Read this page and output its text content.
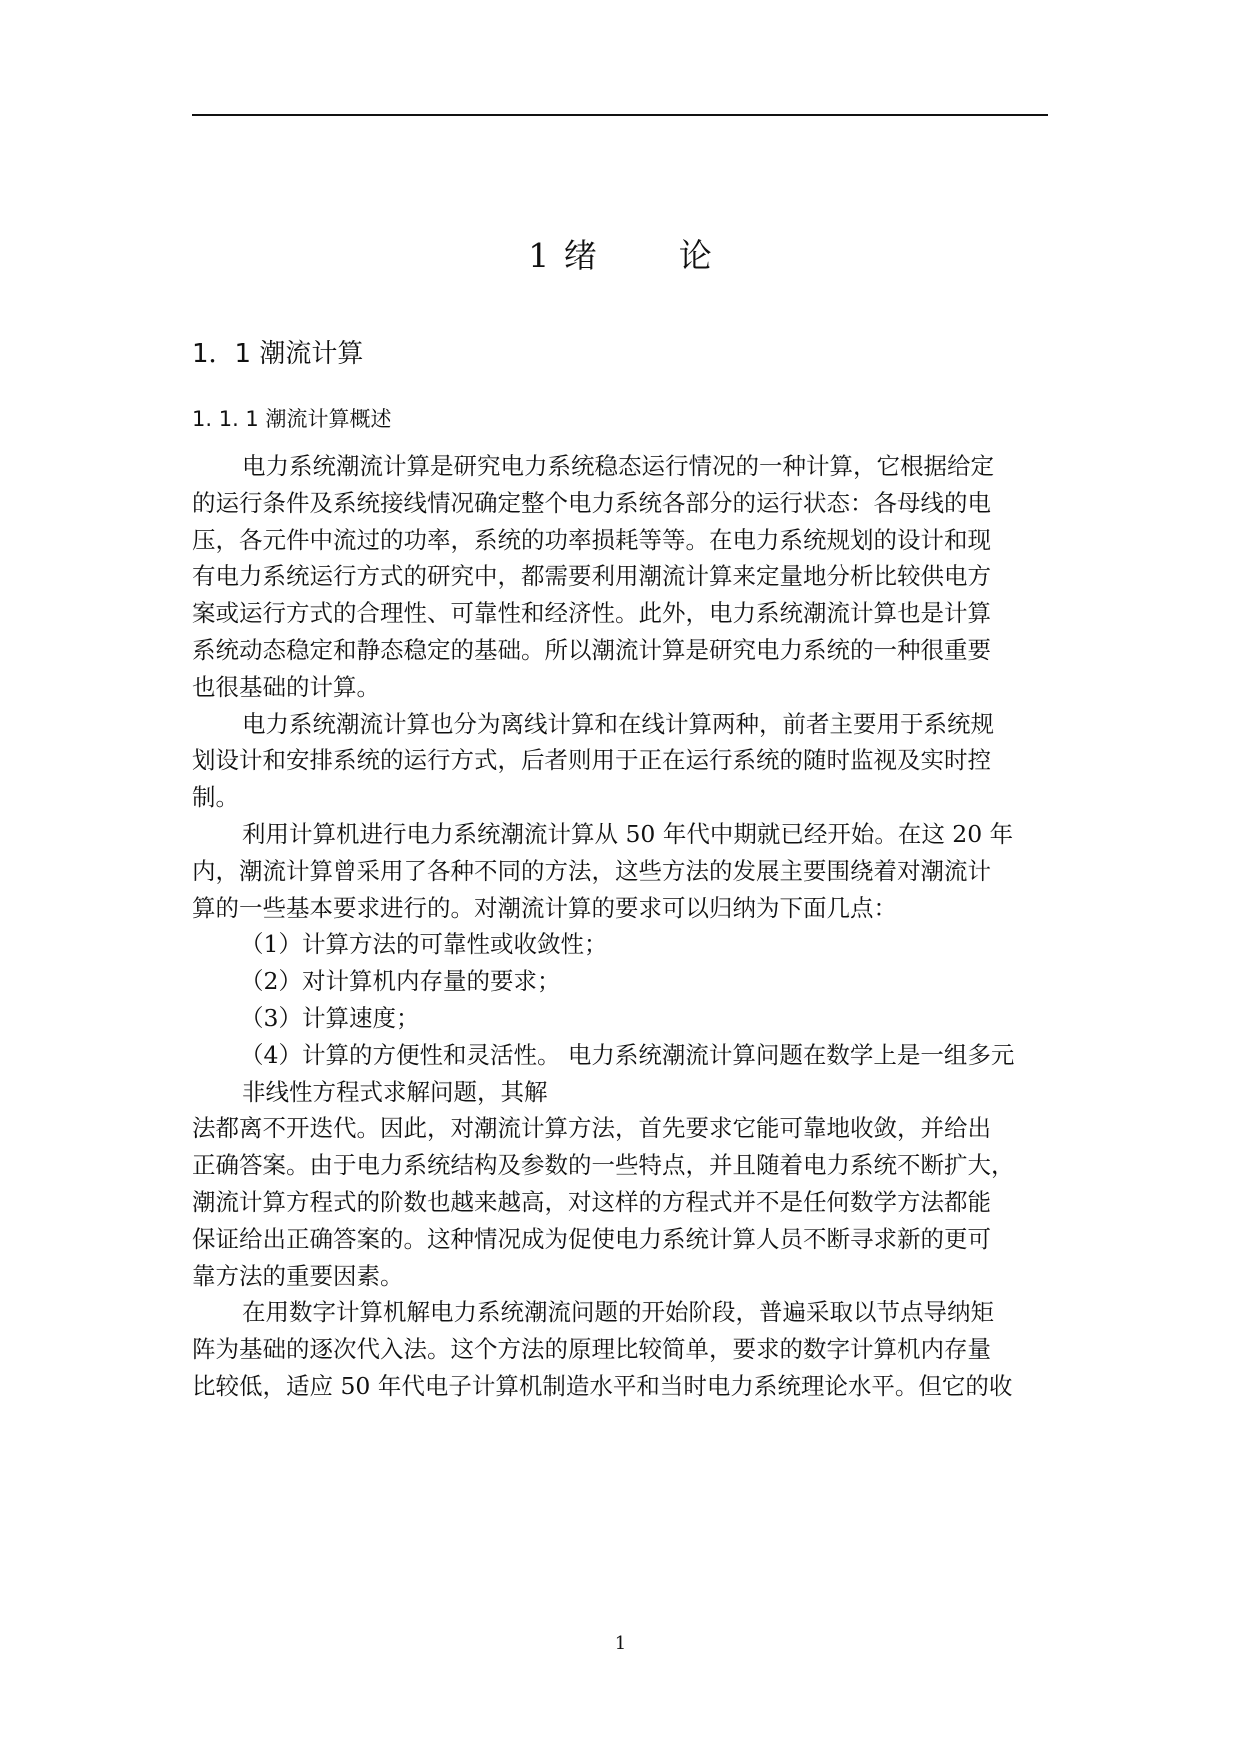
1 绪 论
1．1 潮流计算
1. 1. 1 潮流计算概述
电力系统潮流计算是研究电力系统稳态运行情况的一种计算，它根据给定
的运行条件及系统接线情况确定整个电力系统各部分的运行状态：各母线的电
压，各元件中流过的功率，系统的功率损耗等等。在电力系统规划的设计和现
有电力系统运行方式的研究中，都需要利用潮流计算来定量地分析比较供电方
案或运行方式的合理性、可靠性和经济性。此外，电力系统潮流计算也是计算
系统动态稳定和静态稳定的基础。所以潮流计算是研究电力系统的一种很重要
也很基础的计算。
电力系统潮流计算也分为离线计算和在线计算两种，前者主要用于系统规
划设计和安排系统的运行方式，后者则用于正在运行系统的随时监视及实时控
制。
利用计算机进行电力系统潮流计算从 50 年代中期就已经开始。在这 20 年
内，潮流计算曾采用了各种不同的方法，这些方法的发展主要围绕着对潮流计
算的一些基本要求进行的。对潮流计算的要求可以归纳为下面几点：
（1）计算方法的可靠性或收敛性；
（2）对计算机内存量的要求；
（3）计算速度；
（4）计算的方便性和灵活性。 电力系统潮流计算问题在数学上是一组多元
非线性方程式求解问题，其解
法都离不开迭代。因此，对潮流计算方法，首先要求它能可靠地收敛，并给出
正确答案。由于电力系统结构及参数的一些特点，并且随着电力系统不断扩大，
潮流计算方程式的阶数也越来越高，对这样的方程式并不是任何数学方法都能
保证给出正确答案的。这种情况成为促使电力系统计算人员不断寻求新的更可
靠方法的重要因素。
在用数字计算机解电力系统潮流问题的开始阶段，普遍采取以节点导纳矩
阵为基础的逐次代入法。这个方法的原理比较简单，要求的数字计算机内存量
比较低，适应 50 年代电子计算机制造水平和当时电力系统理论水平。但它的收
1
